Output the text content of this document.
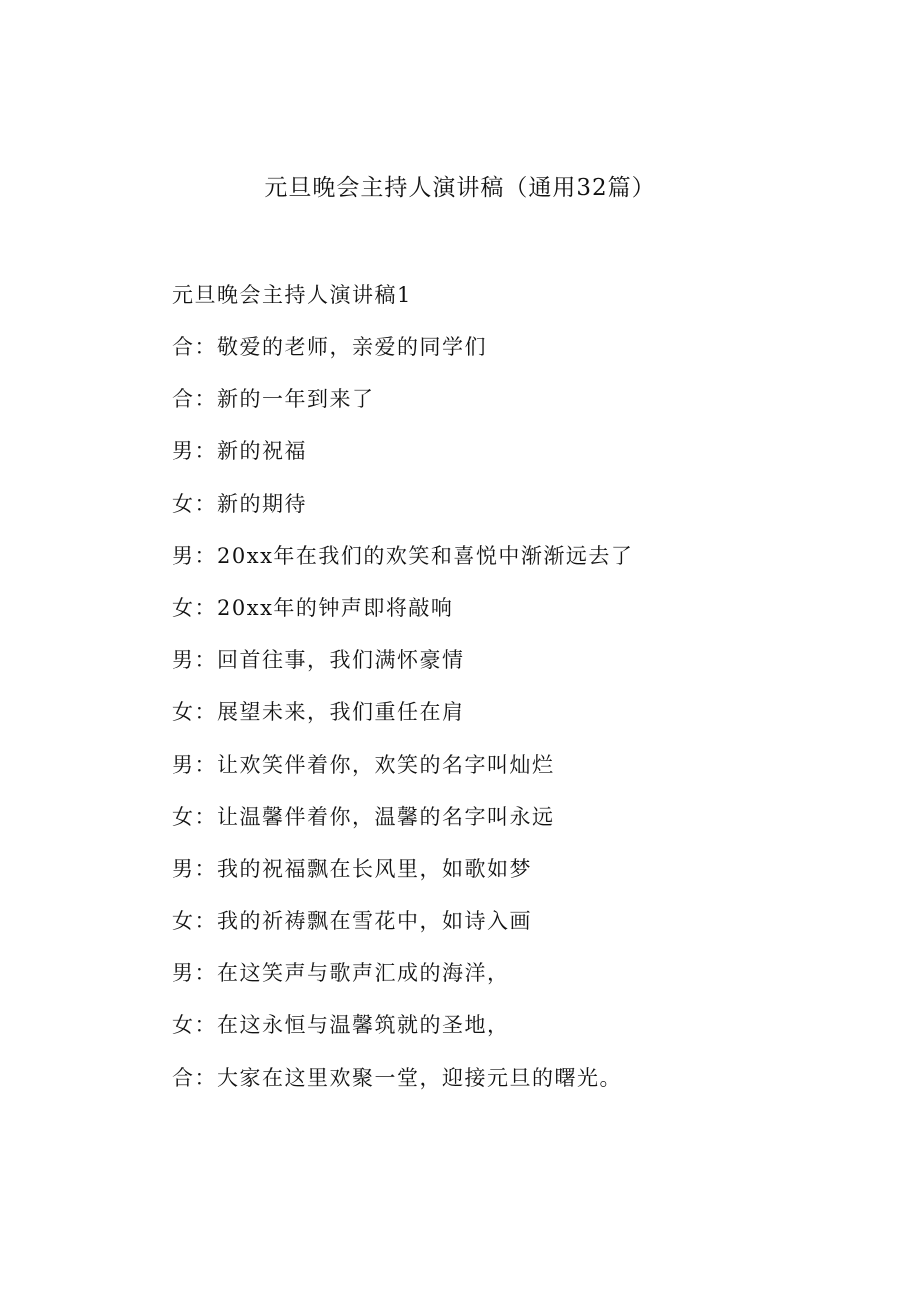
元旦晚会主持人演讲稿（通用32篇）
元旦晚会主持人演讲稿1
合：敬爱的老师，亲爱的同学们
合：新的一年到来了
男：新的祝福
女：新的期待
男：20xx年在我们的欢笑和喜悦中渐渐远去了
女：20xx年的钟声即将敲响
男：回首往事，我们满怀豪情
女：展望未来，我们重任在肩
男：让欢笑伴着你，欢笑的名字叫灿烂
女：让温馨伴着你，温馨的名字叫永远
男：我的祝福飘在长风里，如歌如梦
女：我的祈祷飘在雪花中，如诗入画
男：在这笑声与歌声汇成的海洋，
女：在这永恒与温馨筑就的圣地，
合：大家在这里欢聚一堂，迎接元旦的曙光。
